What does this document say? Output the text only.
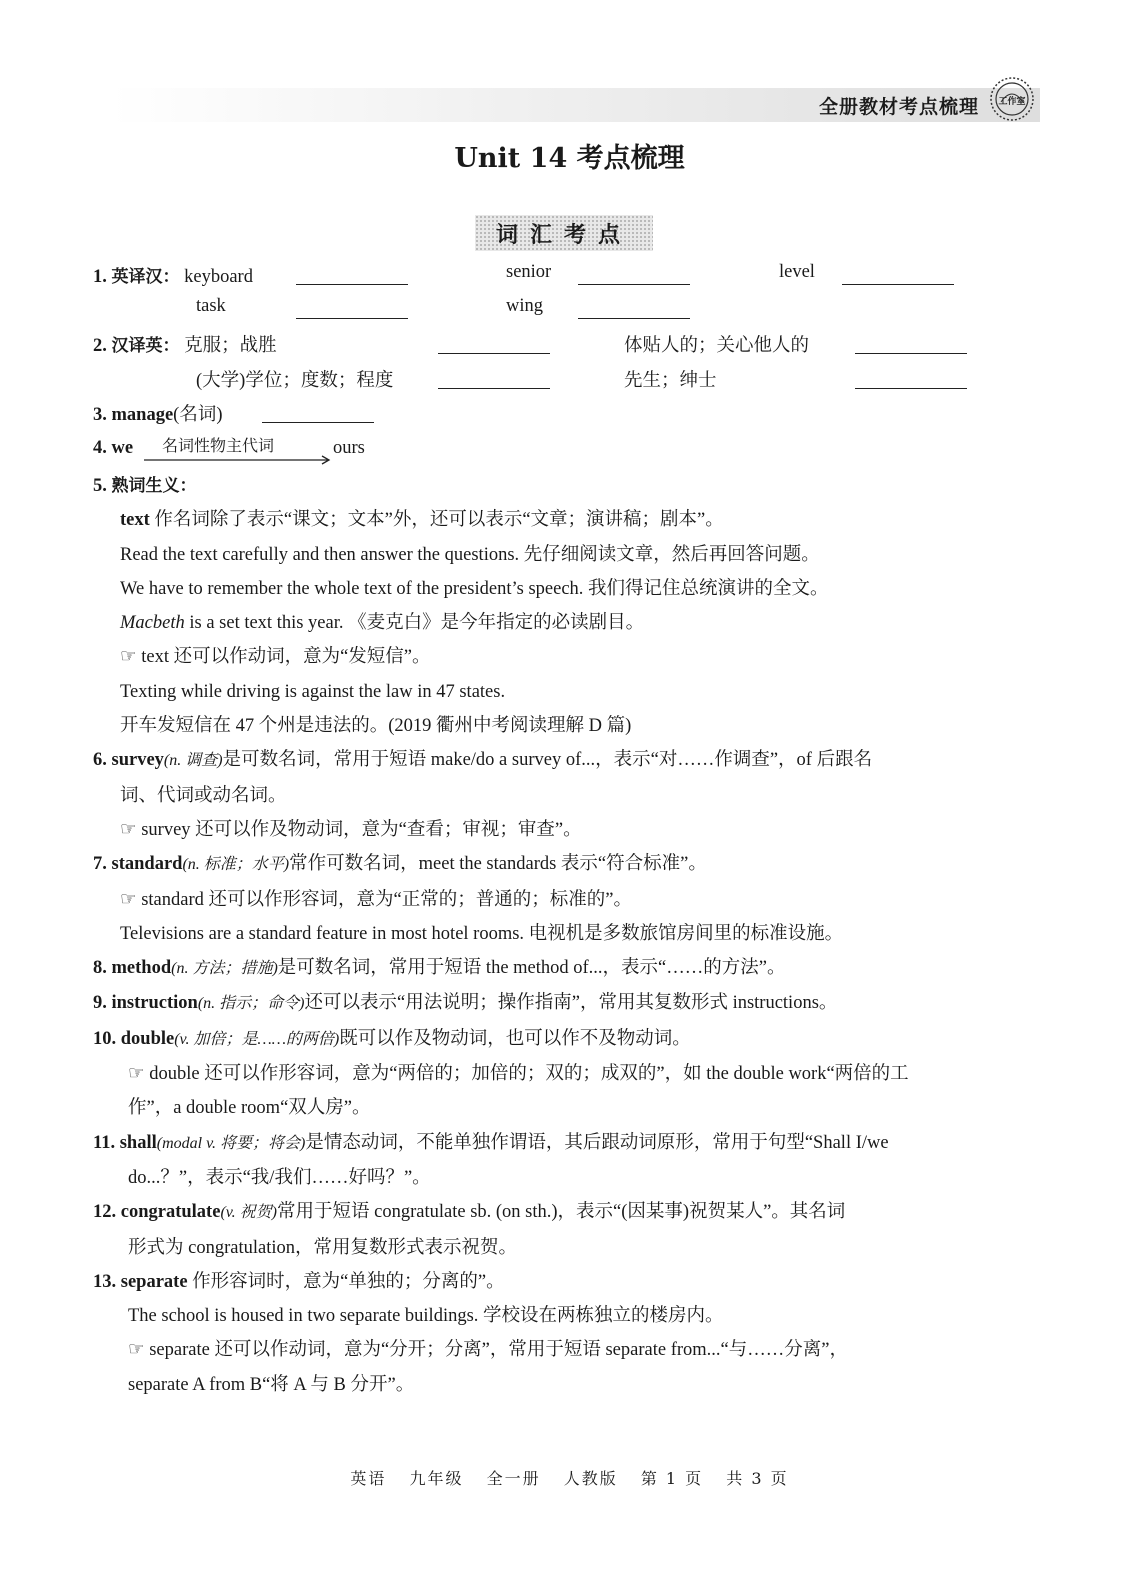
全册教材考点梳理 工作室
Unit 14 考点梳理
词汇考点
1. 英译汉： keyboard	senior	level
task	wing
2. 汉译英： 克服；战胜	体贴人的；关心他人的
(大学)学位；度数；程度	先生；绅士
3. manage(名词)
4. we 名词性物主代词	ours
5. 熟词生义：
text 作名词除了表示“课文；文本”外，还可以表示“文章；演讲稿；剧本”。
Read the text carefully and then answer the questions. 先仔细阅读文章，然后再回答问题。
We have to remember the whole text of the president’s speech. 我们得记住总统演讲的全文。
Macbeth is a set text this year. 《麦克白》是今年指定的必读剧目。
☞ text 还可以作动词，意为“发短信”。
Texting while driving is against the law in 47 states.
开车发短信在 47 个州是违法的。(2019 衢州中考阅读理解 D 篇)
6. survey(n. 调查)是可数名词，常用于短语 make/do a survey of...，表示“对……作调查”，of 后跟名
词、代词或动名词。
☞ survey 还可以作及物动词，意为“查看；审视；审查”。
7. standard(n. 标准；水平)常作可数名词，meet the standards 表示“符合标准”。
☞ standard 还可以作形容词，意为“正常的；普通的；标准的”。
Televisions are a standard feature in most hotel rooms. 电视机是多数旅馆房间里的标准设施。
8. method(n. 方法；措施)是可数名词，常用于短语 the method of...，表示“……的方法”。
9. instruction(n. 指示；命令)还可以表示“用法说明；操作指南”，常用其复数形式 instructions。
10. double(v. 加倍；是……的两倍)既可以作及物动词，也可以作不及物动词。
☞ double 还可以作形容词，意为“两倍的；加倍的；双的；成双的”，如 the double work“两倍的工
作”，a double room“双人房”。
11. shall(modal v. 将要；将会)是情态动词，不能单独作谓语，其后跟动词原形，常用于句型“Shall I/we
do...？”，表示“我/我们……好吗？”。
12. congratulate(v. 祝贺)常用于短语 congratulate sb. (on sth.)，表示“(因某事)祝贺某人”。其名词
形式为 congratulation，常用复数形式表示祝贺。
13. separate 作形容词时，意为“单独的；分离的”。
The school is housed in two separate buildings. 学校设在两栋独立的楼房内。
☞ separate 还可以作动词，意为“分开；分离”，常用于短语 separate from...“与……分离”，
separate A from B“将 A 与 B 分开”。
英语 九年级 全一册 人教版 第 1 页 共 3 页
